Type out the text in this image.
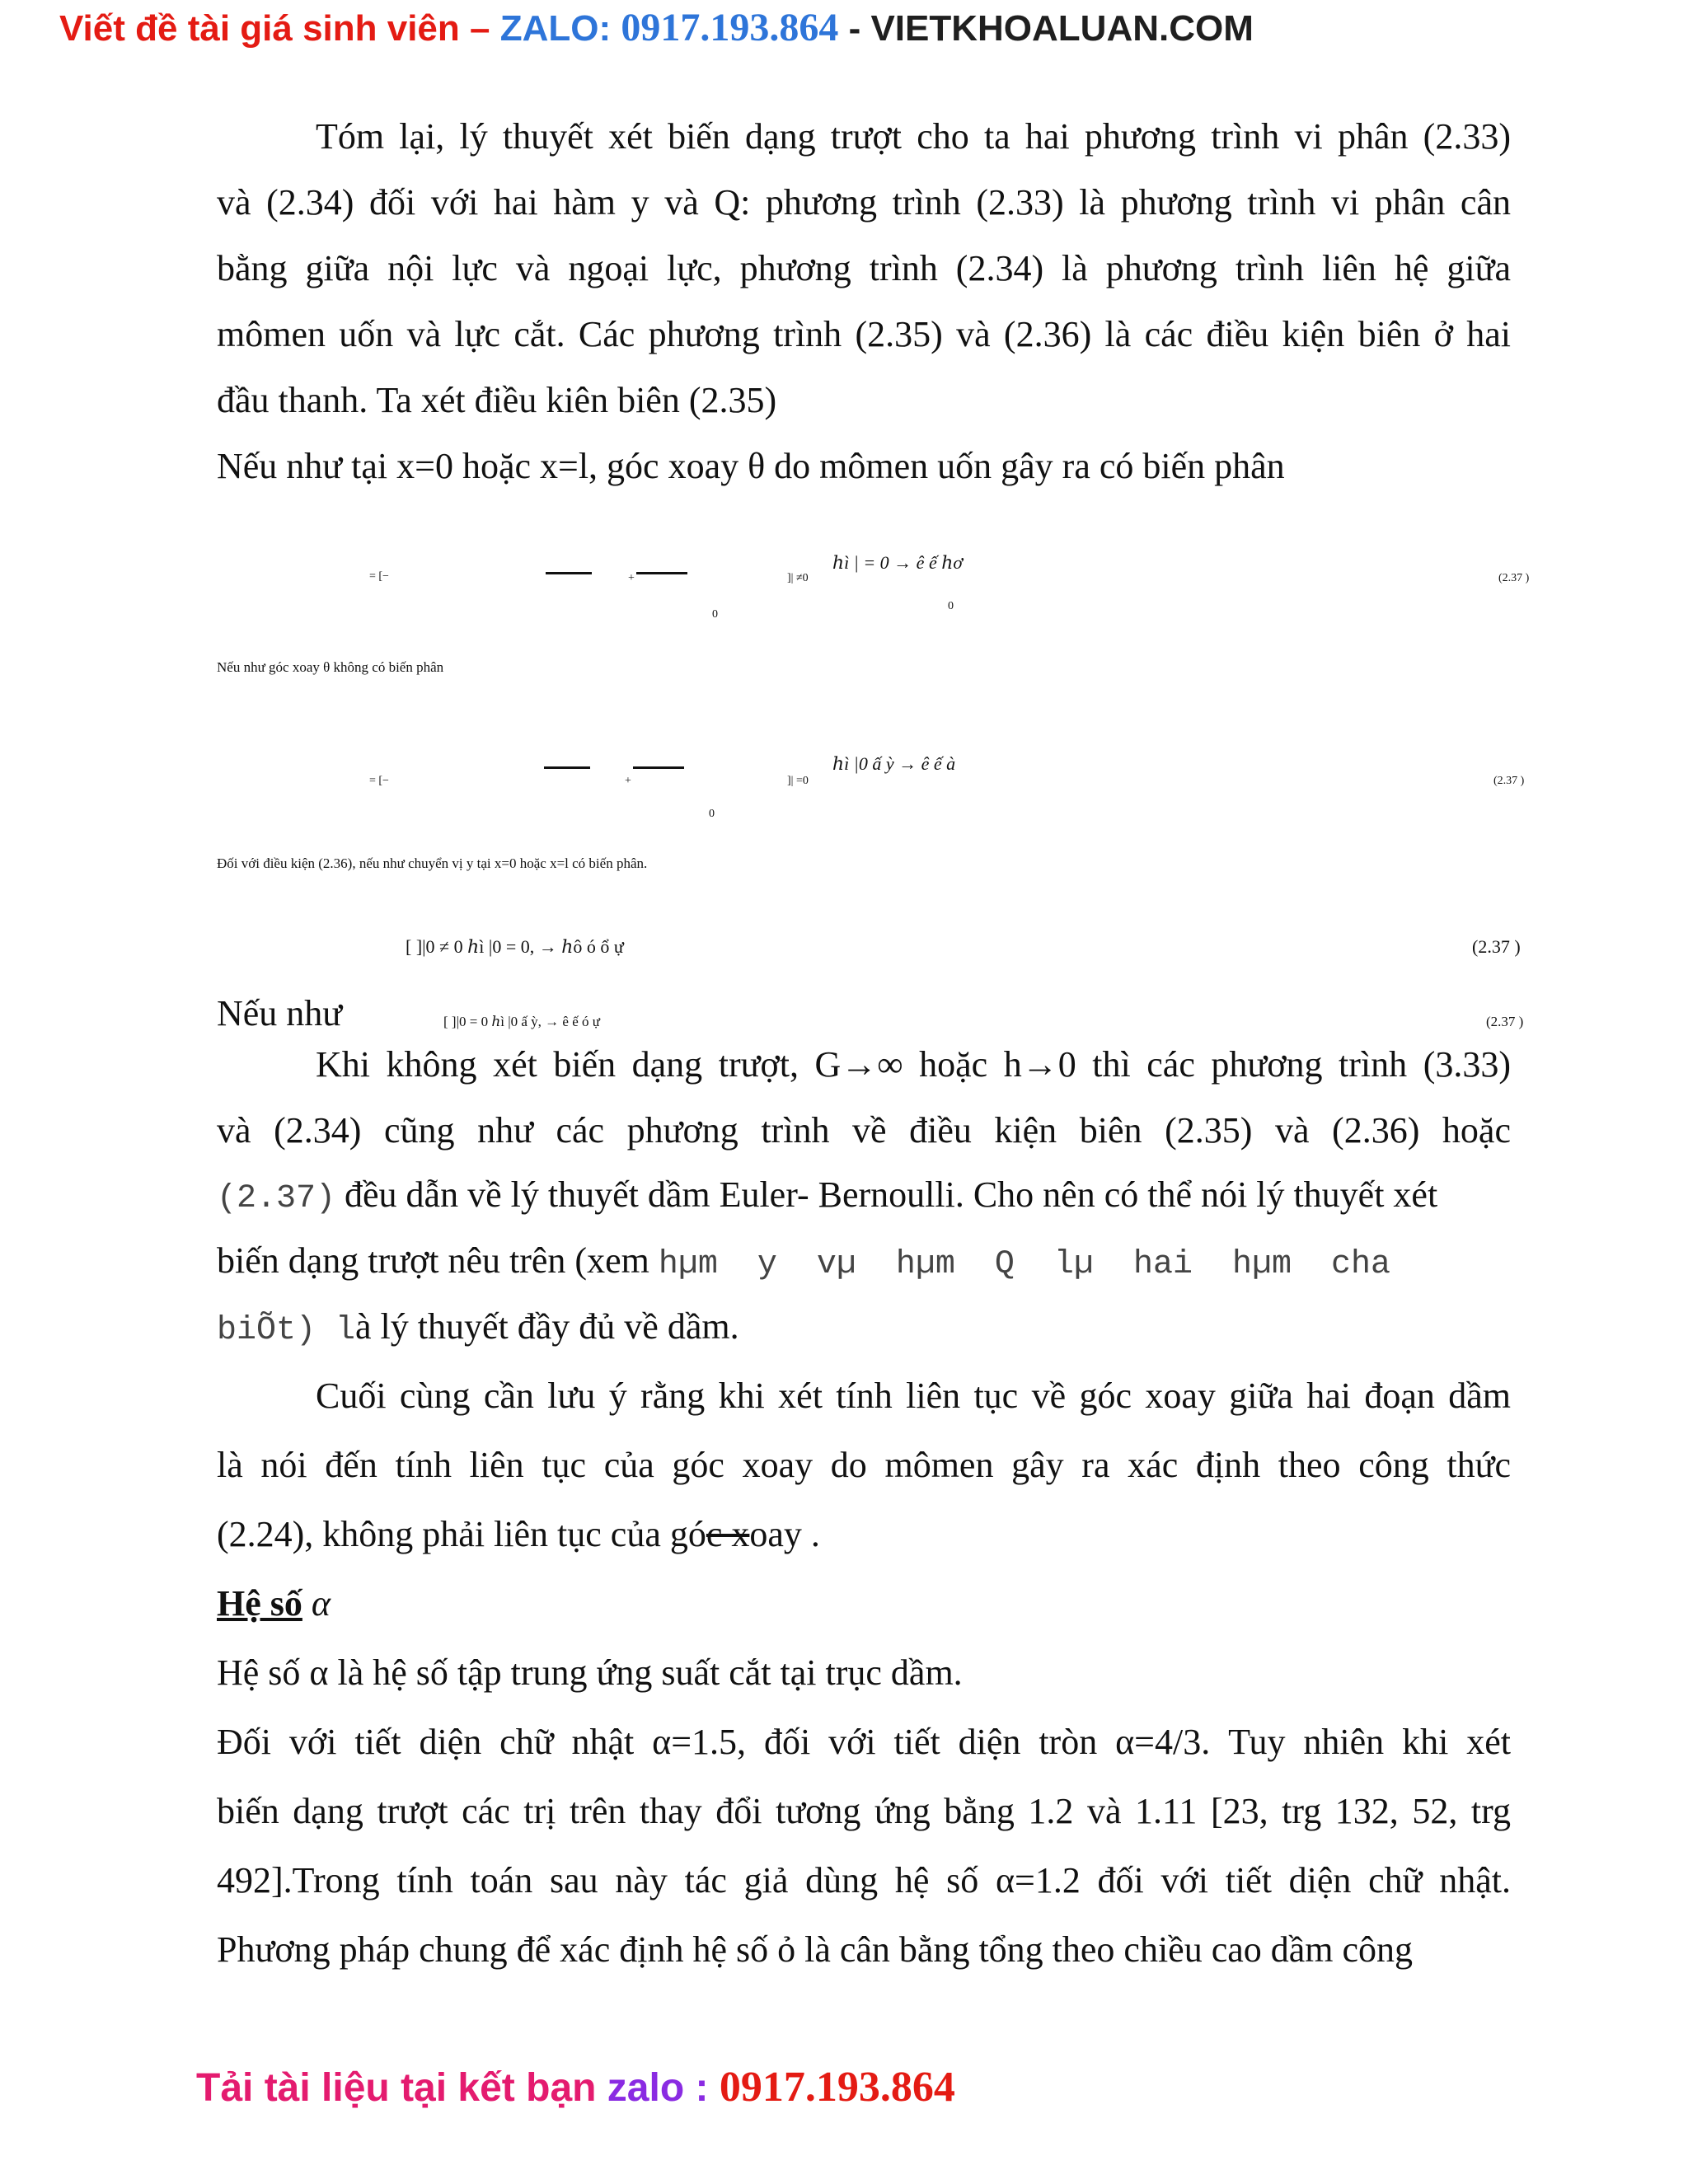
Viết đề tài giá sinh viên – ZALO: 0917.193.864 - VIETKHOALUAN.COM
Tóm lại, lý thuyết xét biến dạng trượt cho ta hai phương trình vi phân (2.33)
và (2.34) đối với hai hàm y và Q: phương trình (2.33) là phương trình vi phân cân
bằng giữa nội lực và ngoại lực, phương trình (2.34) là phương trình liên hệ giữa
mômen uốn và lực cắt. Các phương trình (2.35) và (2.36) là các điều kiện biên ở hai
đầu thanh. Ta xét điều kiên biên (2.35)
Nếu như tại x=0 hoặc x=l, góc xoay θ do mômen uốn gây ra có biến phân
= [−	+	]| ≠0
ℎì | = 0 → ê ế ℎơ
0
0
(2.37 )
Nếu như góc xoay θ không có biến phân
= [−	+	]| =0
ℎì |0 ấ ỳ → ê ế à
0
(2.37 )
Đối với điều kiện (2.36), nếu như chuyển vị y tại x=0 hoặc x=l có biến phân.
[ ]|0 ≠ 0 ℎì |0 = 0, → ℎô ó ổ ự	(2.37 )
Nếu như	[ ]|0 = 0 ℎì |0 ấ ỳ, → ê ế ó ự	(2.37 )
Khi không xét biến dạng trượt, G→∞ hoặc h→0 thì các phương trình (3.33)
và (2.34) cũng như các phương trình về điều kiện biên (2.35) và (2.36) hoặc
(2.37) đều dẫn về lý thuyết dầm Euler- Bernoulli. Cho nên có thể nói lý thuyết xét
biến dạng trượt nêu trên (xem hµm  y  vµ  hµm  Q  lµ  hai  hµm  cha
biÕt) là lý thuyết đầy đủ về dầm.
Cuối cùng cần lưu ý rằng khi xét tính liên tục về góc xoay giữa hai đoạn dầm
là nói đến tính liên tục của góc xoay do mômen gây ra xác định theo công thức
(2.24), không phải liên tục của góc xoay .
Hệ số α
Hệ số α là hệ số tập trung ứng suất cắt tại trục dầm.
Đối với tiết diện chữ nhật α=1.5, đối với tiết diện tròn α=4/3. Tuy nhiên khi xét
biến dạng trượt các trị trên thay đổi tương ứng bằng 1.2 và 1.11 [23, trg 132, 52, trg
492].Trong tính toán sau này tác giả dùng hệ số α=1.2 đối với tiết diện chữ nhật.
Phương pháp chung để xác định hệ số ỏ là cân bằng tổng theo chiều cao dầm công
Tải tài liệu tại kết bạn zalo : 0917.193.864
